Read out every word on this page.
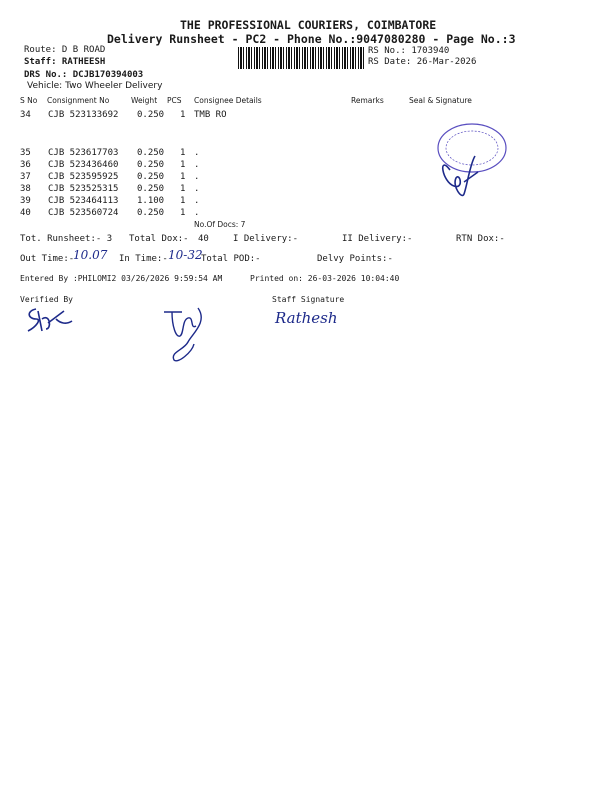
THE PROFESSIONAL COURIERS, COIMBATORE
Delivery Runsheet - PC2 - Phone No.:9047080280 - Page No.:3
Route: D B ROAD
Staff: RATHEESH
DRS No.: DCJB170394003
Vehicle: Two Wheeler Delivery
RS No.: 1703940
RS Date: 26-Mar-2026
S No Consignment No	Weight PCS Consignee Details	Remarks	Seal & Signature
34 CJB 523133692 0.250 1 TMB RO
35 CJB 523617703 0.250 1 .
36 CJB 523436460 0.250 1 .
37 CJB 523595925 0.250 1 .
38 CJB 523525315 0.250 1 .
39 CJB 523464113 1.100 1 .
40 CJB 523560724 0.250 1 .
No.Of Docs: 7
Tot. Runsheet:- 3 Total Dox:- 40	I Delivery:-	II Delivery:-	RTN Dox:-
Out Time:-
10.07 In Time:- 10-32
Total POD:-	Delvy Points:-
Entered By :PHILOMI2 03/26/2026 9:59:54 AM	Printed on: 26-03-2026 10:04:40
Verified By	Staff Signature
Rathesh
